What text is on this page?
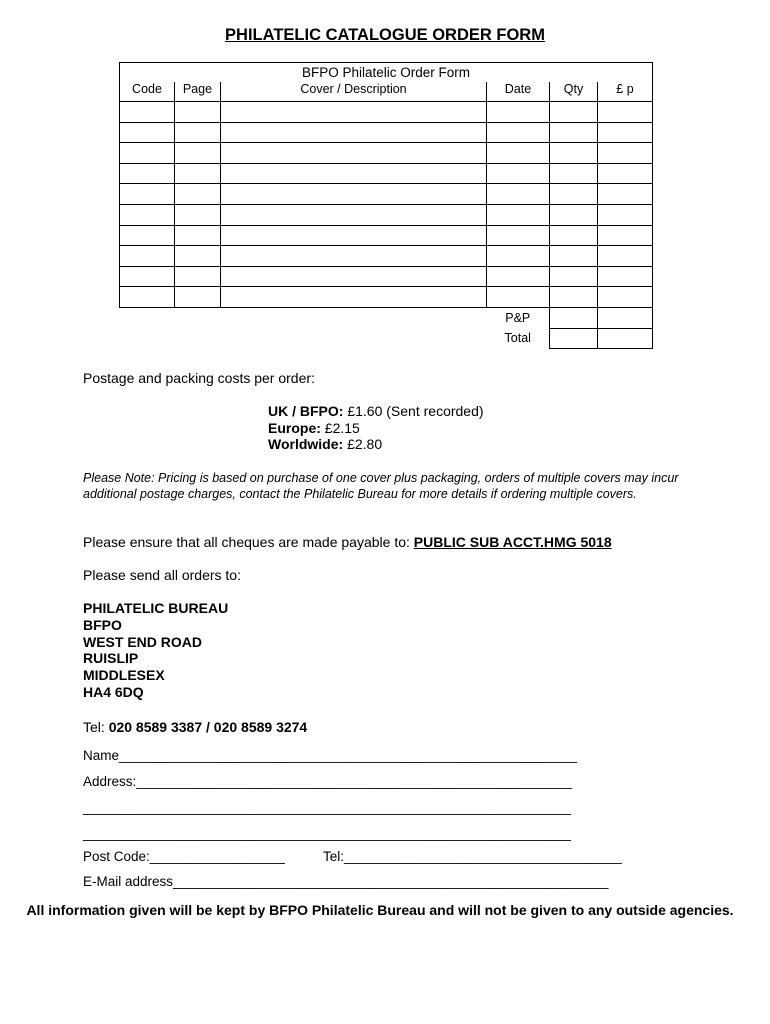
PHILATELIC CATALOGUE ORDER FORM
BFPO Philatelic Order Form					
Code	Page	Cover / Description	Date	Qty	£ p

			P&P		
			Total		
Postage and packing costs per order:
UK / BFPO: £1.60 (Sent recorded)
Europe: £2.15
Worldwide: £2.80
Please Note: Pricing is based on purchase of one cover plus packaging, orders of multiple covers may incur additional postage charges, contact the Philatelic Bureau for more details if ordering multiple covers.
Please ensure that all cheques are made payable to: PUBLIC SUB ACCT.HMG 5018
Please send all orders to:
PHILATELIC BUREAU
BFPO
WEST END ROAD
RUISLIP
MIDDLESEX
HA4 6DQ
Tel: 020 8589 3387 / 020 8589 3274
Name_____________________________________________________________
Address:__________________________________________________________
_________________________________________________________________
_________________________________________________________________
Post Code:__________________	Tel:_____________________________________
E-Mail address__________________________________________________________
All information given will be kept by BFPO Philatelic Bureau and will not be given to any outside agencies.
